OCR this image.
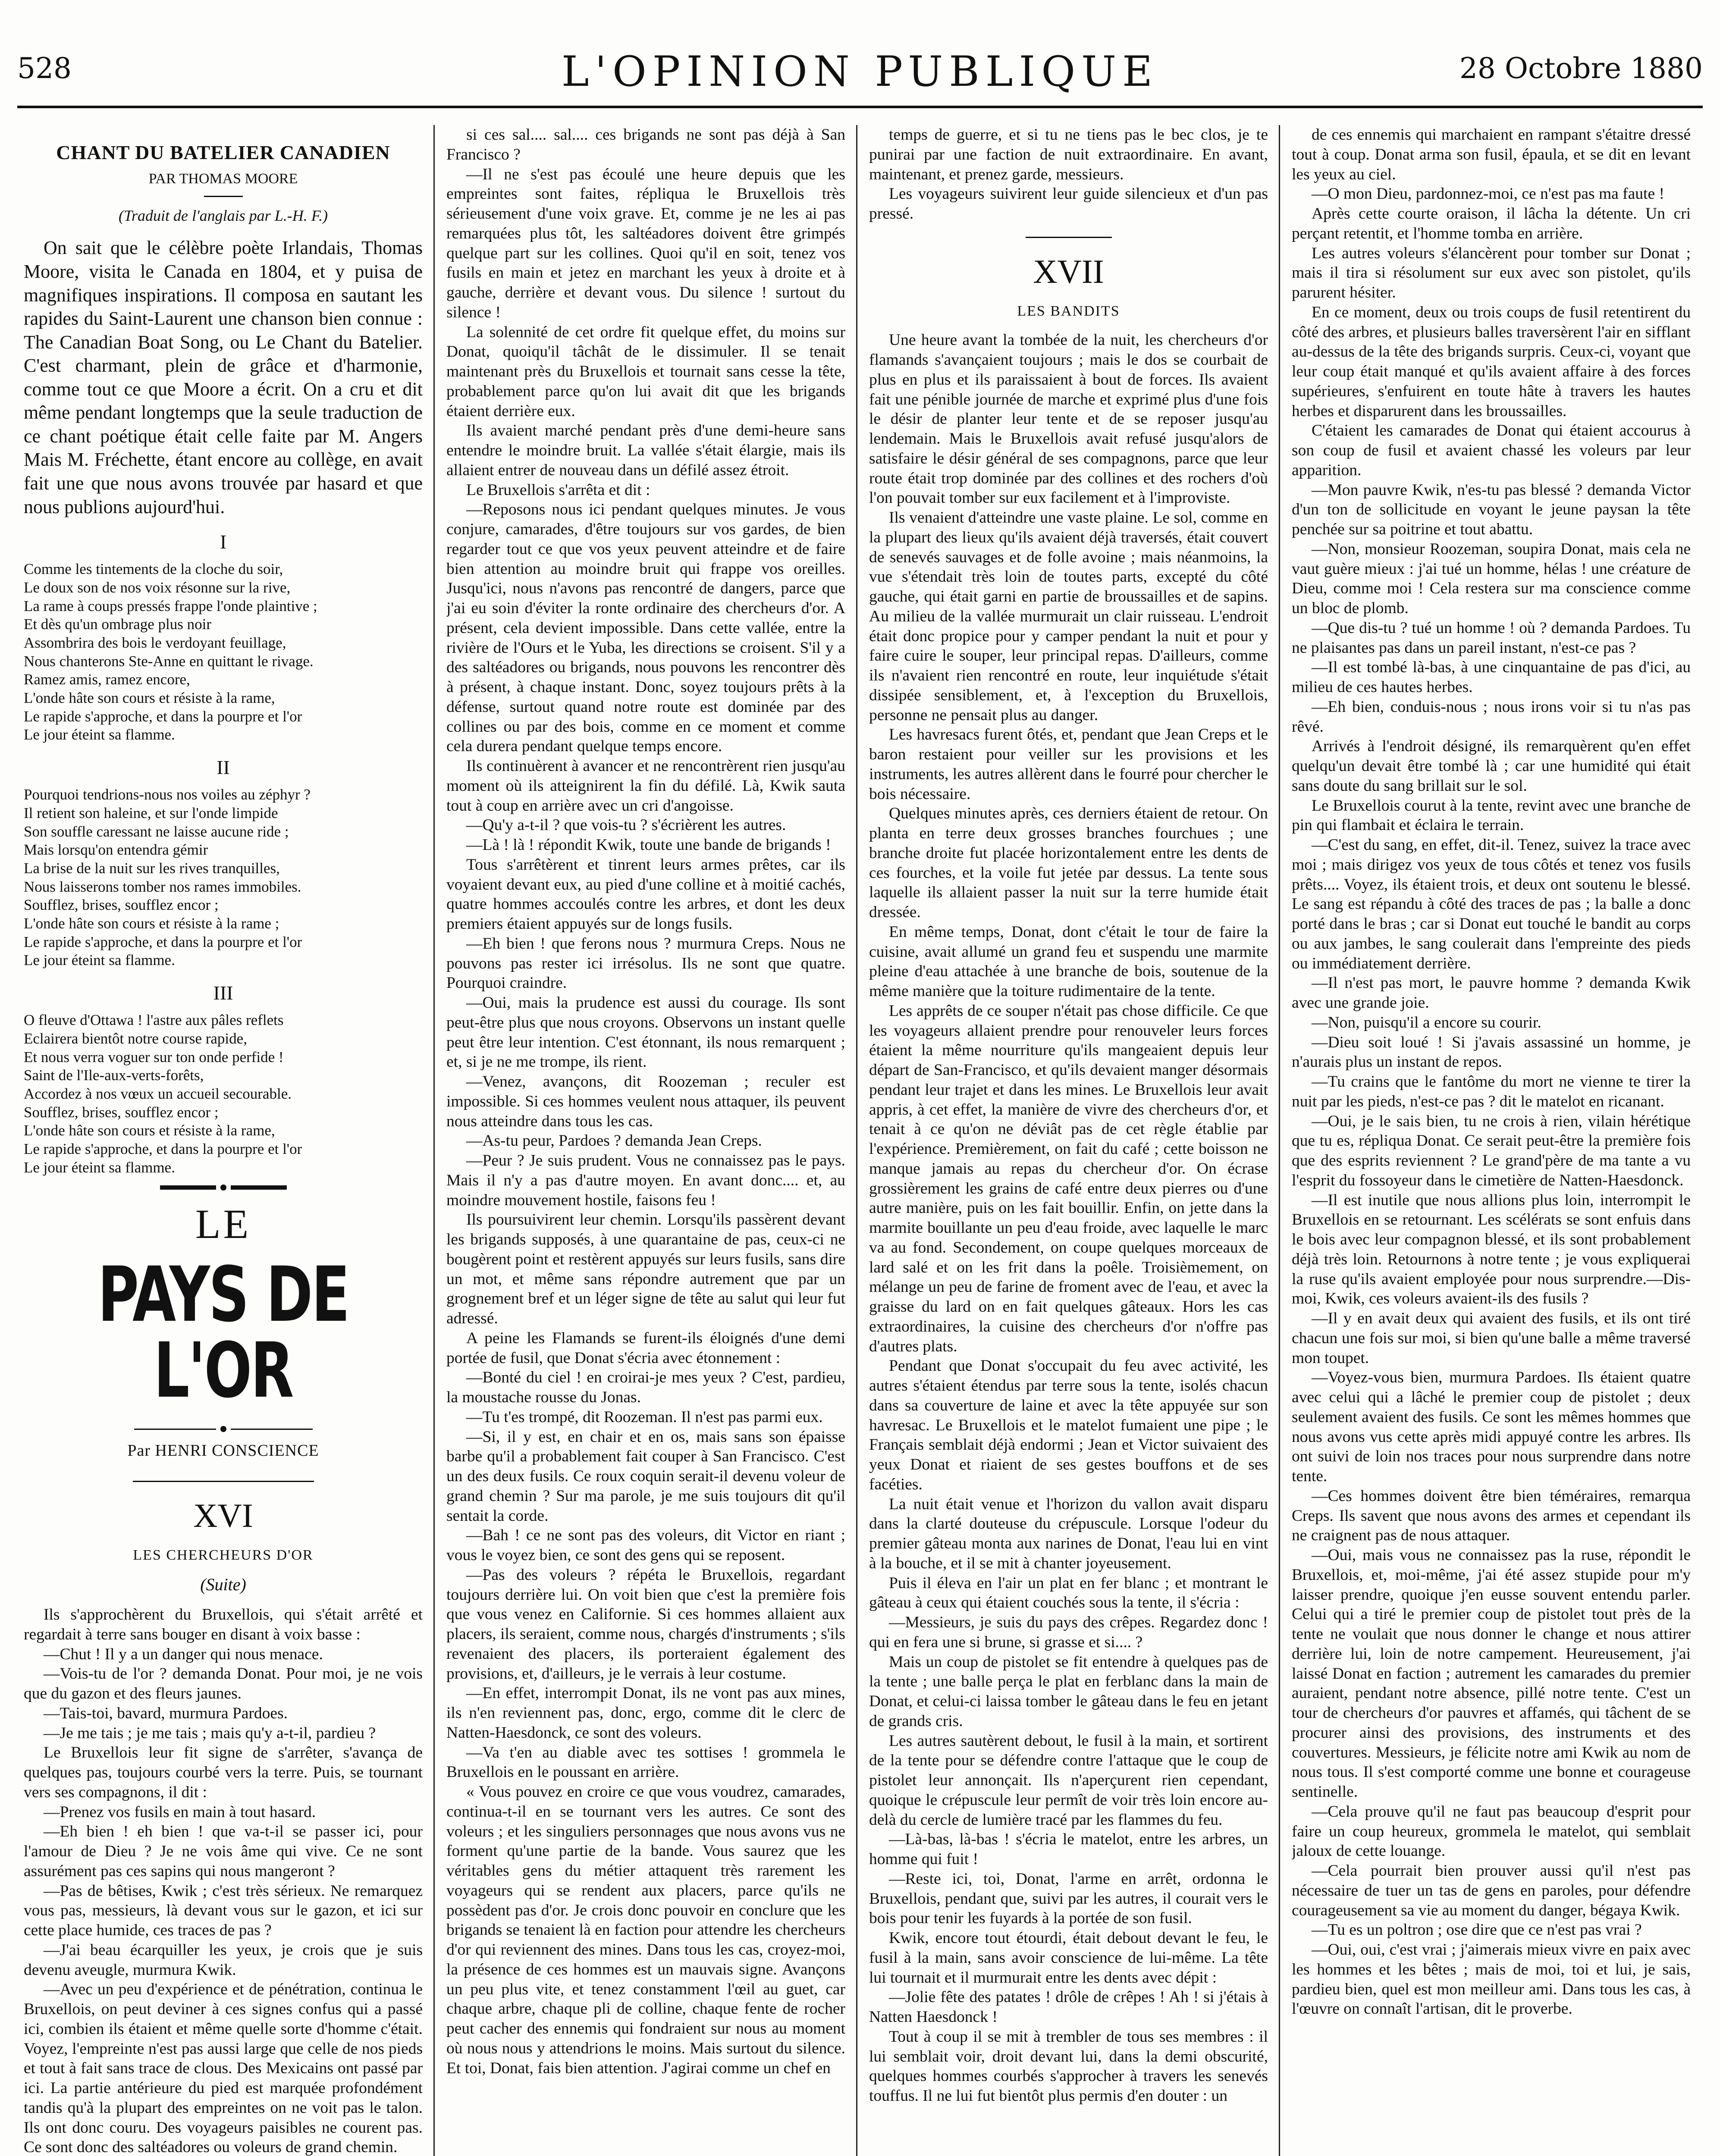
528	L'OPINION PUBLIQUE	28 Octobre 1880
CHANT DU BATELIER CANADIEN
PAR THOMAS MOORE
(Traduit de l'anglais par L.-H. F.)

On sait que le célèbre poète Irlandais, Thomas Moore, visita le Canada en 1804, et y puisa de magnifiques inspirations. Il composa en sautant les rapides du Saint-Laurent une chanson bien connue : The Canadian Boat Song, ou Le Chant du Batelier. C'est charmant, plein de grâce et d'harmonie, comme tout ce que Moore a écrit. On a cru et dit même pendant longtemps que la seule traduction de ce chant poétique était celle faite par M. Angers Mais M. Fréchette, étant encore au collège, en avait fait une que nous avons trouvée par hasard et que nous publions aujourd'hui.

I

Comme les tintements de la cloche du soir,
Le doux son de nos voix résonne sur la rive,
La rame à coups pressés frappe l'onde plaintive ;
Et dès qu'un ombrage plus noir
Assombrira des bois le verdoyant feuillage,
Nous chanterons Ste-Anne en quittant le rivage.
Ramez amis, ramez encore,
L'onde hâte son cours et résiste à la rame,
Le rapide s'approche, et dans la pourpre et l'or
Le jour éteint sa flamme.

II

Pourquoi tendrions-nous nos voiles au zéphyr ?
Il retient son haleine, et sur l'onde limpide
Son souffle caressant ne laisse aucune ride ;
Mais lorsqu'on entendra gémir
La brise de la nuit sur les rives tranquilles,
Nous laisserons tomber nos rames immobiles.
Soufflez, brises, soufflez encor ;
L'onde hâte son cours et résiste à la rame ;
Le rapide s'approche, et dans la pourpre et l'or
Le jour éteint sa flamme.

III

O fleuve d'Ottawa ! l'astre aux pâles reflets
Eclairera bientôt notre course rapide,
Et nous verra voguer sur ton onde perfide !
Saint de l'Ile-aux-verts-forêts,
Accordez à nos vœux un accueil secourable.
Soufflez, brises, soufflez encor ;
L'onde hâte son cours et résiste à la rame,
Le rapide s'approche, et dans la pourpre et l'or
Le jour éteint sa flamme.

LE
PAYS DE L'OR
Par HENRI CONSCIENCE
XVI
LES CHERCHEURS D'OR
(Suite)

Ils s'approchèrent du Bruxellois, qui s'était arrêté et regardait à terre sans bouger en disant à voix basse :

—Chut ! Il y a un danger qui nous menace.

—Vois-tu de l'or ? demanda Donat. Pour moi, je ne vois que du gazon et des fleurs jaunes.

—Tais-toi, bavard, murmura Pardoes.

—Je me tais ; je me tais ; mais qu'y a-t-il, pardieu ?

Le Bruxellois leur fit signe de s'arrêter, s'avança de quelques pas, toujours courbé vers la terre. Puis, se tournant vers ses compagnons, il dit :

—Prenez vos fusils en main à tout hasard.

—Eh bien ! eh bien ! que va-t-il se passer ici, pour l'amour de Dieu ? Je ne vois âme qui vive. Ce ne sont assurément pas ces sapins qui nous mangeront ?

—Pas de bêtises, Kwik ; c'est très sérieux. Ne remarquez vous pas, messieurs, là devant vous sur le gazon, et ici sur cette place humide, ces traces de pas ?

—J'ai beau écarquiller les yeux, je crois que je suis devenu aveugle, murmura Kwik.

—Avec un peu d'expérience et de pénétration, continua le Bruxellois, on peut deviner à ces signes confus qui a passé ici, combien ils étaient et même quelle sorte d'homme c'était. Voyez, l'empreinte n'est pas aussi large que celle de nos pieds et tout à fait sans trace de clous. Des Mexicains ont passé par ici. La partie antérieure du pied est marquée profondément tandis qu'à la plupart des empreintes on ne voit pas le talon. Ils ont donc couru. Des voyageurs paisibles ne courent pas. Ce sont donc des saltéadores ou voleurs de grand chemin.

si ces sal.... sal.... ces brigands ne sont pas déjà à San Francisco ?

—Il ne s'est pas écoulé une heure depuis que les empreintes sont faites, répliqua le Bruxellois très sérieusement d'une voix grave. Et, comme je ne les ai pas remarquées plus tôt, les saltéadores doivent être grimpés quelque part sur les collines. Quoi qu'il en soit, tenez vos fusils en main et jetez en marchant les yeux à droite et à gauche, derrière et devant vous. Du silence ! surtout du silence !

La solennité de cet ordre fit quelque effet, du moins sur Donat, quoiqu'il tâchât de le dissimuler. Il se tenait maintenant près du Bruxellois et tournait sans cesse la tête, probablement parce qu'on lui avait dit que les brigands étaient derrière eux.

Ils avaient marché pendant près d'une demi-heure sans entendre le moindre bruit. La vallée s'était élargie, mais ils allaient entrer de nouveau dans un défilé assez étroit.

Le Bruxellois s'arrêta et dit :

—Reposons nous ici pendant quelques minutes. Je vous conjure, camarades, d'être toujours sur vos gardes, de bien regarder tout ce que vos yeux peuvent atteindre et de faire bien attention au moindre bruit qui frappe vos oreilles. Jusqu'ici, nous n'avons pas rencontré de dangers, parce que j'ai eu soin d'éviter la ronte ordinaire des chercheurs d'or. A présent, cela devient impossible. Dans cette vallée, entre la rivière de l'Ours et le Yuba, les directions se croisent. S'il y a des saltéadores ou brigands, nous pouvons les rencontrer dès à présent, à chaque instant. Donc, soyez toujours prêts à la défense, surtout quand notre route est dominée par des collines ou par des bois, comme en ce moment et comme cela durera pendant quelque temps encore.

Ils continuèrent à avancer et ne rencontrèrent rien jusqu'au moment où ils atteignirent la fin du défilé. Là, Kwik sauta tout à coup en arrière avec un cri d'angoisse.

—Qu'y a-t-il ? que vois-tu ? s'écrièrent les autres.

—Là ! là ! répondit Kwik, toute une bande de brigands !

Tous s'arrêtèrent et tinrent leurs armes prêtes, car ils voyaient devant eux, au pied d'une colline et à moitié cachés, quatre hommes accoulés contre les arbres, et dont les deux premiers étaient appuyés sur de longs fusils.

—Eh bien ! que ferons nous ? murmura Creps. Nous ne pouvons pas rester ici irrésolus. Ils ne sont que quatre. Pourquoi craindre.

—Oui, mais la prudence est aussi du courage. Ils sont peut-être plus que nous croyons. Observons un instant quelle peut être leur intention. C'est étonnant, ils nous remarquent ; et, si je ne me trompe, ils rient.

—Venez, avançons, dit Roozeman ; reculer est impossible. Si ces hommes veulent nous attaquer, ils peuvent nous atteindre dans tous les cas.

—As-tu peur, Pardoes ? demanda Jean Creps.

—Peur ? Je suis prudent. Vous ne connaissez pas le pays. Mais il n'y a pas d'autre moyen. En avant donc.... et, au moindre mouvement hostile, faisons feu !

Ils poursuivirent leur chemin. Lorsqu'ils passèrent devant les brigands supposés, à une quarantaine de pas, ceux-ci ne bougèrent point et restèrent appuyés sur leurs fusils, sans dire un mot, et même sans répondre autrement que par un grognement bref et un léger signe de tête au salut qui leur fut adressé.

A peine les Flamands se furent-ils éloignés d'une demi portée de fusil, que Donat s'écria avec étonnement :

—Bonté du ciel ! en croirai-je mes yeux ? C'est, pardieu, la moustache rousse du Jonas.

—Tu t'es trompé, dit Roozeman. Il n'est pas parmi eux.

—Si, il y est, en chair et en os, mais sans son épaisse barbe qu'il a probablement fait couper à San Francisco. C'est un des deux fusils. Ce roux coquin serait-il devenu voleur de grand chemin ? Sur ma parole, je me suis toujours dit qu'il sentait la corde.

—Bah ! ce ne sont pas des voleurs, dit Victor en riant ; vous le voyez bien, ce sont des gens qui se reposent.

—Pas des voleurs ? répéta le Bruxellois, regardant toujours derrière lui. On voit bien que c'est la première fois que vous venez en Californie. Si ces hommes allaient aux placers, ils seraient, comme nous, chargés d'instruments ; s'ils revenaient des placers, ils porteraient également des provisions, et, d'ailleurs, je le verrais à leur costume.

—En effet, interrompit Donat, ils ne vont pas aux mines, ils n'en reviennent pas, donc, ergo, comme dit le clerc de Natten-Haesdonck, ce sont des voleurs.

—Va t'en au diable avec tes sottises ! grommela le Bruxellois en le poussant en arrière.

« Vous pouvez en croire ce que vous voudrez, camarades, continua-t-il en se tournant vers les autres. Ce sont des voleurs ; et les singuliers personnages que nous avons vus ne forment qu'une partie de la bande. Vous saurez que les véritables gens du métier attaquent très rarement les voyageurs qui se rendent aux placers, parce qu'ils ne possèdent pas d'or. Je crois donc pouvoir en conclure que les brigands se tenaient là en faction pour attendre les chercheurs d'or qui reviennent des mines. Dans tous les cas, croyez-moi, la présence de ces hommes est un mauvais signe. Avançons un peu plus vite, et tenez constamment l'œil au guet, car chaque arbre, chaque pli de colline, chaque fente de rocher peut cacher des ennemis qui fondraient sur nous au moment où nous nous y attendrions le moins. Mais surtout du silence. Et toi, Donat, fais bien attention. J'agirai comme un chef en

temps de guerre, et si tu ne tiens pas le bec clos, je te punirai par une faction de nuit extraordinaire. En avant, maintenant, et prenez garde, messieurs.

Les voyageurs suivirent leur guide silencieux et d'un pas pressé.

XVII
LES BANDITS

Une heure avant la tombée de la nuit, les chercheurs d'or flamands s'avançaient toujours ; mais le dos se courbait de plus en plus et ils paraissaient à bout de forces. Ils avaient fait une pénible journée de marche et exprimé plus d'une fois le désir de planter leur tente et de se reposer jusqu'au lendemain. Mais le Bruxellois avait refusé jusqu'alors de satisfaire le désir général de ses compagnons, parce que leur route était trop dominée par des collines et des rochers d'où l'on pouvait tomber sur eux facilement et à l'improviste.

Ils venaient d'atteindre une vaste plaine. Le sol, comme en la plupart des lieux qu'ils avaient déjà traversés, était couvert de senevés sauvages et de folle avoine ; mais néanmoins, la vue s'étendait très loin de toutes parts, excepté du côté gauche, qui était garni en partie de broussailles et de sapins. Au milieu de la vallée murmurait un clair ruisseau. L'endroit était donc propice pour y camper pendant la nuit et pour y faire cuire le souper, leur principal repas. D'ailleurs, comme ils n'avaient rien rencontré en route, leur inquiétude s'était dissipée sensiblement, et, à l'exception du Bruxellois, personne ne pensait plus au danger.

Les havresacs furent ôtés, et, pendant que Jean Creps et le baron restaient pour veiller sur les provisions et les instruments, les autres allèrent dans le fourré pour chercher le bois nécessaire.

Quelques minutes après, ces derniers étaient de retour. On planta en terre deux grosses branches fourchues ; une branche droite fut placée horizontalement entre les dents de ces fourches, et la voile fut jetée par dessus. La tente sous laquelle ils allaient passer la nuit sur la terre humide était dressée.

En même temps, Donat, dont c'était le tour de faire la cuisine, avait allumé un grand feu et suspendu une marmite pleine d'eau attachée à une branche de bois, soutenue de la même manière que la toiture rudimentaire de la tente.

Les apprêts de ce souper n'était pas chose difficile. Ce que les voyageurs allaient prendre pour renouveler leurs forces étaient la même nourriture qu'ils mangeaient depuis leur départ de San-Francisco, et qu'ils devaient manger désormais pendant leur trajet et dans les mines. Le Bruxellois leur avait appris, à cet effet, la manière de vivre des chercheurs d'or, et tenait à ce qu'on ne déviât pas de cet règle établie par l'expérience. Premièrement, on fait du café ; cette boisson ne manque jamais au repas du chercheur d'or. On écrase grossièrement les grains de café entre deux pierres ou d'une autre manière, puis on les fait bouillir. Enfin, on jette dans la marmite bouillante un peu d'eau froide, avec laquelle le marc va au fond. Secondement, on coupe quelques morceaux de lard salé et on les frit dans la poêle. Troisièmement, on mélange un peu de farine de froment avec de l'eau, et avec la graisse du lard on en fait quelques gâteaux. Hors les cas extraordinaires, la cuisine des chercheurs d'or n'offre pas d'autres plats.

Pendant que Donat s'occupait du feu avec activité, les autres s'étaient étendus par terre sous la tente, isolés chacun dans sa couverture de laine et avec la tête appuyée sur son havresac. Le Bruxellois et le matelot fumaient une pipe ; le Français semblait déjà endormi ; Jean et Victor suivaient des yeux Donat et riaient de ses gestes bouffons et de ses facéties.

La nuit était venue et l'horizon du vallon avait disparu dans la clarté douteuse du crépuscule. Lorsque l'odeur du premier gâteau monta aux narines de Donat, l'eau lui en vint à la bouche, et il se mit à chanter joyeusement.

Puis il éleva en l'air un plat en fer blanc ; et montrant le gâteau à ceux qui étaient couchés sous la tente, il s'écria :

—Messieurs, je suis du pays des crêpes. Regardez donc ! qui en fera une si brune, si grasse et si.... ?

Mais un coup de pistolet se fit entendre à quelques pas de la tente ; une balle perça le plat en ferblanc dans la main de Donat, et celui-ci laissa tomber le gâteau dans le feu en jetant de grands cris.

Les autres sautèrent debout, le fusil à la main, et sortirent de la tente pour se défendre contre l'attaque que le coup de pistolet leur annonçait. Ils n'aperçurent rien cependant, quoique le crépuscule leur permît de voir très loin encore au-delà du cercle de lumière tracé par les flammes du feu.

—Là-bas, là-bas ! s'écria le matelot, entre les arbres, un homme qui fuit !

—Reste ici, toi, Donat, l'arme en arrêt, ordonna le Bruxellois, pendant que, suivi par les autres, il courait vers le bois pour tenir les fuyards à la portée de son fusil.

Kwik, encore tout étourdi, était debout devant le feu, le fusil à la main, sans avoir conscience de lui-même. La tête lui tournait et il murmurait entre les dents avec dépit :

—Jolie fête des patates ! drôle de crêpes ! Ah ! si j'étais à Natten Haesdonck !

Tout à coup il se mit à trembler de tous ses membres : il lui semblait voir, droit devant lui, dans la demi obscurité, quelques hommes courbés s'approcher à travers les senevés touffus. Il ne lui fut bientôt plus permis d'en douter : un

de ces ennemis qui marchaient en rampant s'étaitre dressé tout à coup. Donat arma son fusil, épaula, et se dit en levant les yeux au ciel.

—O mon Dieu, pardonnez-moi, ce n'est pas ma faute !

Après cette courte oraison, il lâcha la détente. Un cri perçant retentit, et l'homme tomba en arrière.

Les autres voleurs s'élancèrent pour tomber sur Donat ; mais il tira si résolument sur eux avec son pistolet, qu'ils parurent hésiter.

En ce moment, deux ou trois coups de fusil retentirent du côté des arbres, et plusieurs balles traversèrent l'air en sifflant au-dessus de la tête des brigands surpris. Ceux-ci, voyant que leur coup était manqué et qu'ils avaient affaire à des forces supérieures, s'enfuirent en toute hâte à travers les hautes herbes et disparurent dans les broussailles.

C'étaient les camarades de Donat qui étaient accourus à son coup de fusil et avaient chassé les voleurs par leur apparition.

—Mon pauvre Kwik, n'es-tu pas blessé ? demanda Victor d'un ton de sollicitude en voyant le jeune paysan la tête penchée sur sa poitrine et tout abattu.

—Non, monsieur Roozeman, soupira Donat, mais cela ne vaut guère mieux : j'ai tué un homme, hélas ! une créature de Dieu, comme moi ! Cela restera sur ma conscience comme un bloc de plomb.

—Que dis-tu ? tué un homme ! où ? demanda Pardoes. Tu ne plaisantes pas dans un pareil instant, n'est-ce pas ?

—Il est tombé là-bas, à une cinquantaine de pas d'ici, au milieu de ces hautes herbes.

—Eh bien, conduis-nous ; nous irons voir si tu n'as pas rêvé.

Arrivés à l'endroit désigné, ils remarquèrent qu'en effet quelqu'un devait être tombé là ; car une humidité qui était sans doute du sang brillait sur le sol.

Le Bruxellois courut à la tente, revint avec une branche de pin qui flambait et éclaira le terrain.

—C'est du sang, en effet, dit-il. Tenez, suivez la trace avec moi ; mais dirigez vos yeux de tous côtés et tenez vos fusils prêts.... Voyez, ils étaient trois, et deux ont soutenu le blessé. Le sang est répandu à côté des traces de pas ; la balle a donc porté dans le bras ; car si Donat eut touché le bandit au corps ou aux jambes, le sang coulerait dans l'empreinte des pieds ou immédiatement derrière.

—Il n'est pas mort, le pauvre homme ? demanda Kwik avec une grande joie.

—Non, puisqu'il a encore su courir.

—Dieu soit loué ! Si j'avais assassiné un homme, je n'aurais plus un instant de repos.

—Tu crains que le fantôme du mort ne vienne te tirer la nuit par les pieds, n'est-ce pas ? dit le matelot en ricanant.

—Oui, je le sais bien, tu ne crois à rien, vilain hérétique que tu es, répliqua Donat. Ce serait peut-être la première fois que des esprits reviennent ? Le grand'père de ma tante a vu l'esprit du fossoyeur dans le cimetière de Natten-Haesdonck.

—Il est inutile que nous allions plus loin, interrompit le Bruxellois en se retournant. Les scélérats se sont enfuis dans le bois avec leur compagnon blessé, et ils sont probablement déjà très loin. Retournons à notre tente ; je vous expliquerai la ruse qu'ils avaient employée pour nous surprendre.—Dis-moi, Kwik, ces voleurs avaient-ils des fusils ?

—Il y en avait deux qui avaient des fusils, et ils ont tiré chacun une fois sur moi, si bien qu'une balle a même traversé mon toupet.

—Voyez-vous bien, murmura Pardoes. Ils étaient quatre avec celui qui a lâché le premier coup de pistolet ; deux seulement avaient des fusils. Ce sont les mêmes hommes que nous avons vus cette après midi appuyé contre les arbres. Ils ont suivi de loin nos traces pour nous surprendre dans notre tente.

—Ces hommes doivent être bien téméraires, remarqua Creps. Ils savent que nous avons des armes et cependant ils ne craignent pas de nous attaquer.

—Oui, mais vous ne connaissez pas la ruse, répondit le Bruxellois, et, moi-même, j'ai été assez stupide pour m'y laisser prendre, quoique j'en eusse souvent entendu parler. Celui qui a tiré le premier coup de pistolet tout près de la tente ne voulait que nous donner le change et nous attirer derrière lui, loin de notre campement. Heureusement, j'ai laissé Donat en faction ; autrement les camarades du premier auraient, pendant notre absence, pillé notre tente. C'est un tour de chercheurs d'or pauvres et affamés, qui tâchent de se procurer ainsi des provisions, des instruments et des couvertures. Messieurs, je félicite notre ami Kwik au nom de nous tous. Il s'est comporté comme une bonne et courageuse sentinelle.

—Cela prouve qu'il ne faut pas beaucoup d'esprit pour faire un coup heureux, grommela le matelot, qui semblait jaloux de cette louange.

—Cela pourrait bien prouver aussi qu'il n'est pas nécessaire de tuer un tas de gens en paroles, pour défendre courageusement sa vie au moment du danger, bégaya Kwik.

—Tu es un poltron ; ose dire que ce n'est pas vrai ?

—Oui, oui, c'est vrai ; j'aimerais mieux vivre en paix avec les hommes et les bêtes ; mais de moi, toi et lui, je sais, pardieu bien, quel est mon meilleur ami. Dans tous les cas, à l'œuvre on connaît l'artisan, dit le proverbe.
